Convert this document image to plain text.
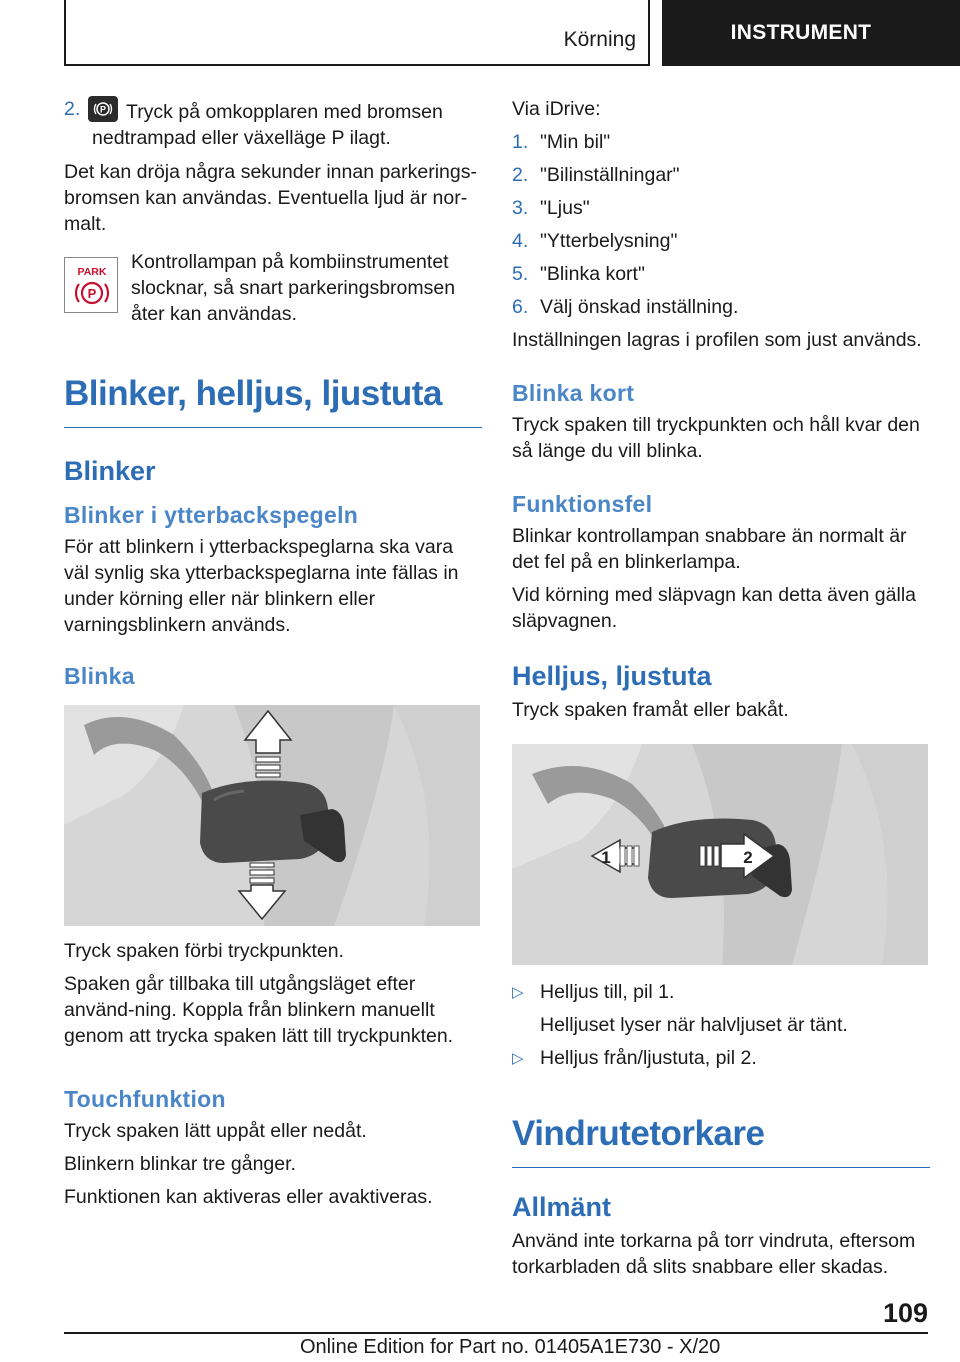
Körning	INSTRUMENT
2.	P Tryck på omkopplaren med bromsen nedtrampad eller växelläge P ilagt.

Det kan dröja några sekunder innan parkerings-bromsen kan användas. Eventuella ljud är nor-malt.

PARK
P
Kontrollampan på kombiinstrumentet slocknar, så snart parkeringsbromsen åter kan användas.
Blinker, helljus, ljustuta
Blinker
Blinker i ytterbackspegeln

För att blinkern i ytterbackspeglarna ska vara väl synlig ska ytterbackspeglarna inte fällas in under körning eller när blinkern eller varningsblinkern används.

Blinka

Tryck spaken förbi tryckpunkten.

Spaken går tillbaka till utgångsläget efter använd-ning. Koppla från blinkern manuellt genom att trycka spaken lätt till tryckpunkten.

Touchfunktion

Tryck spaken lätt uppåt eller nedåt.

Blinkern blinkar tre gånger.

Funktionen kan aktiveras eller avaktiveras.

Via iDrive:

1. "Min bil"
2. "Bilinställningar"
3. "Ljus"
4. "Ytterbelysning"
5. "Blinka kort"
6. Välj önskad inställning.

Inställningen lagras i profilen som just används.

Blinka kort

Tryck spaken till tryckpunkten och håll kvar den så länge du vill blinka.

Funktionsfel

Blinkar kontrollampan snabbare än normalt är det fel på en blinkerlampa.

Vid körning med släpvagn kan detta även gälla släpvagnen.

Helljus, ljustuta

Tryck spaken framåt eller bakåt.

1	2
▷ Helljus till, pil 1.
Helljuset lyser när halvljuset är tänt.
▷ Helljus från/ljustuta, pil 2.
Vindrutetorkare
Allmänt

Använd inte torkarna på torr vindruta, eftersom torkarbladen då slits snabbare eller skadas.

109
Online Edition for Part no. 01405A1E730 - X/20
